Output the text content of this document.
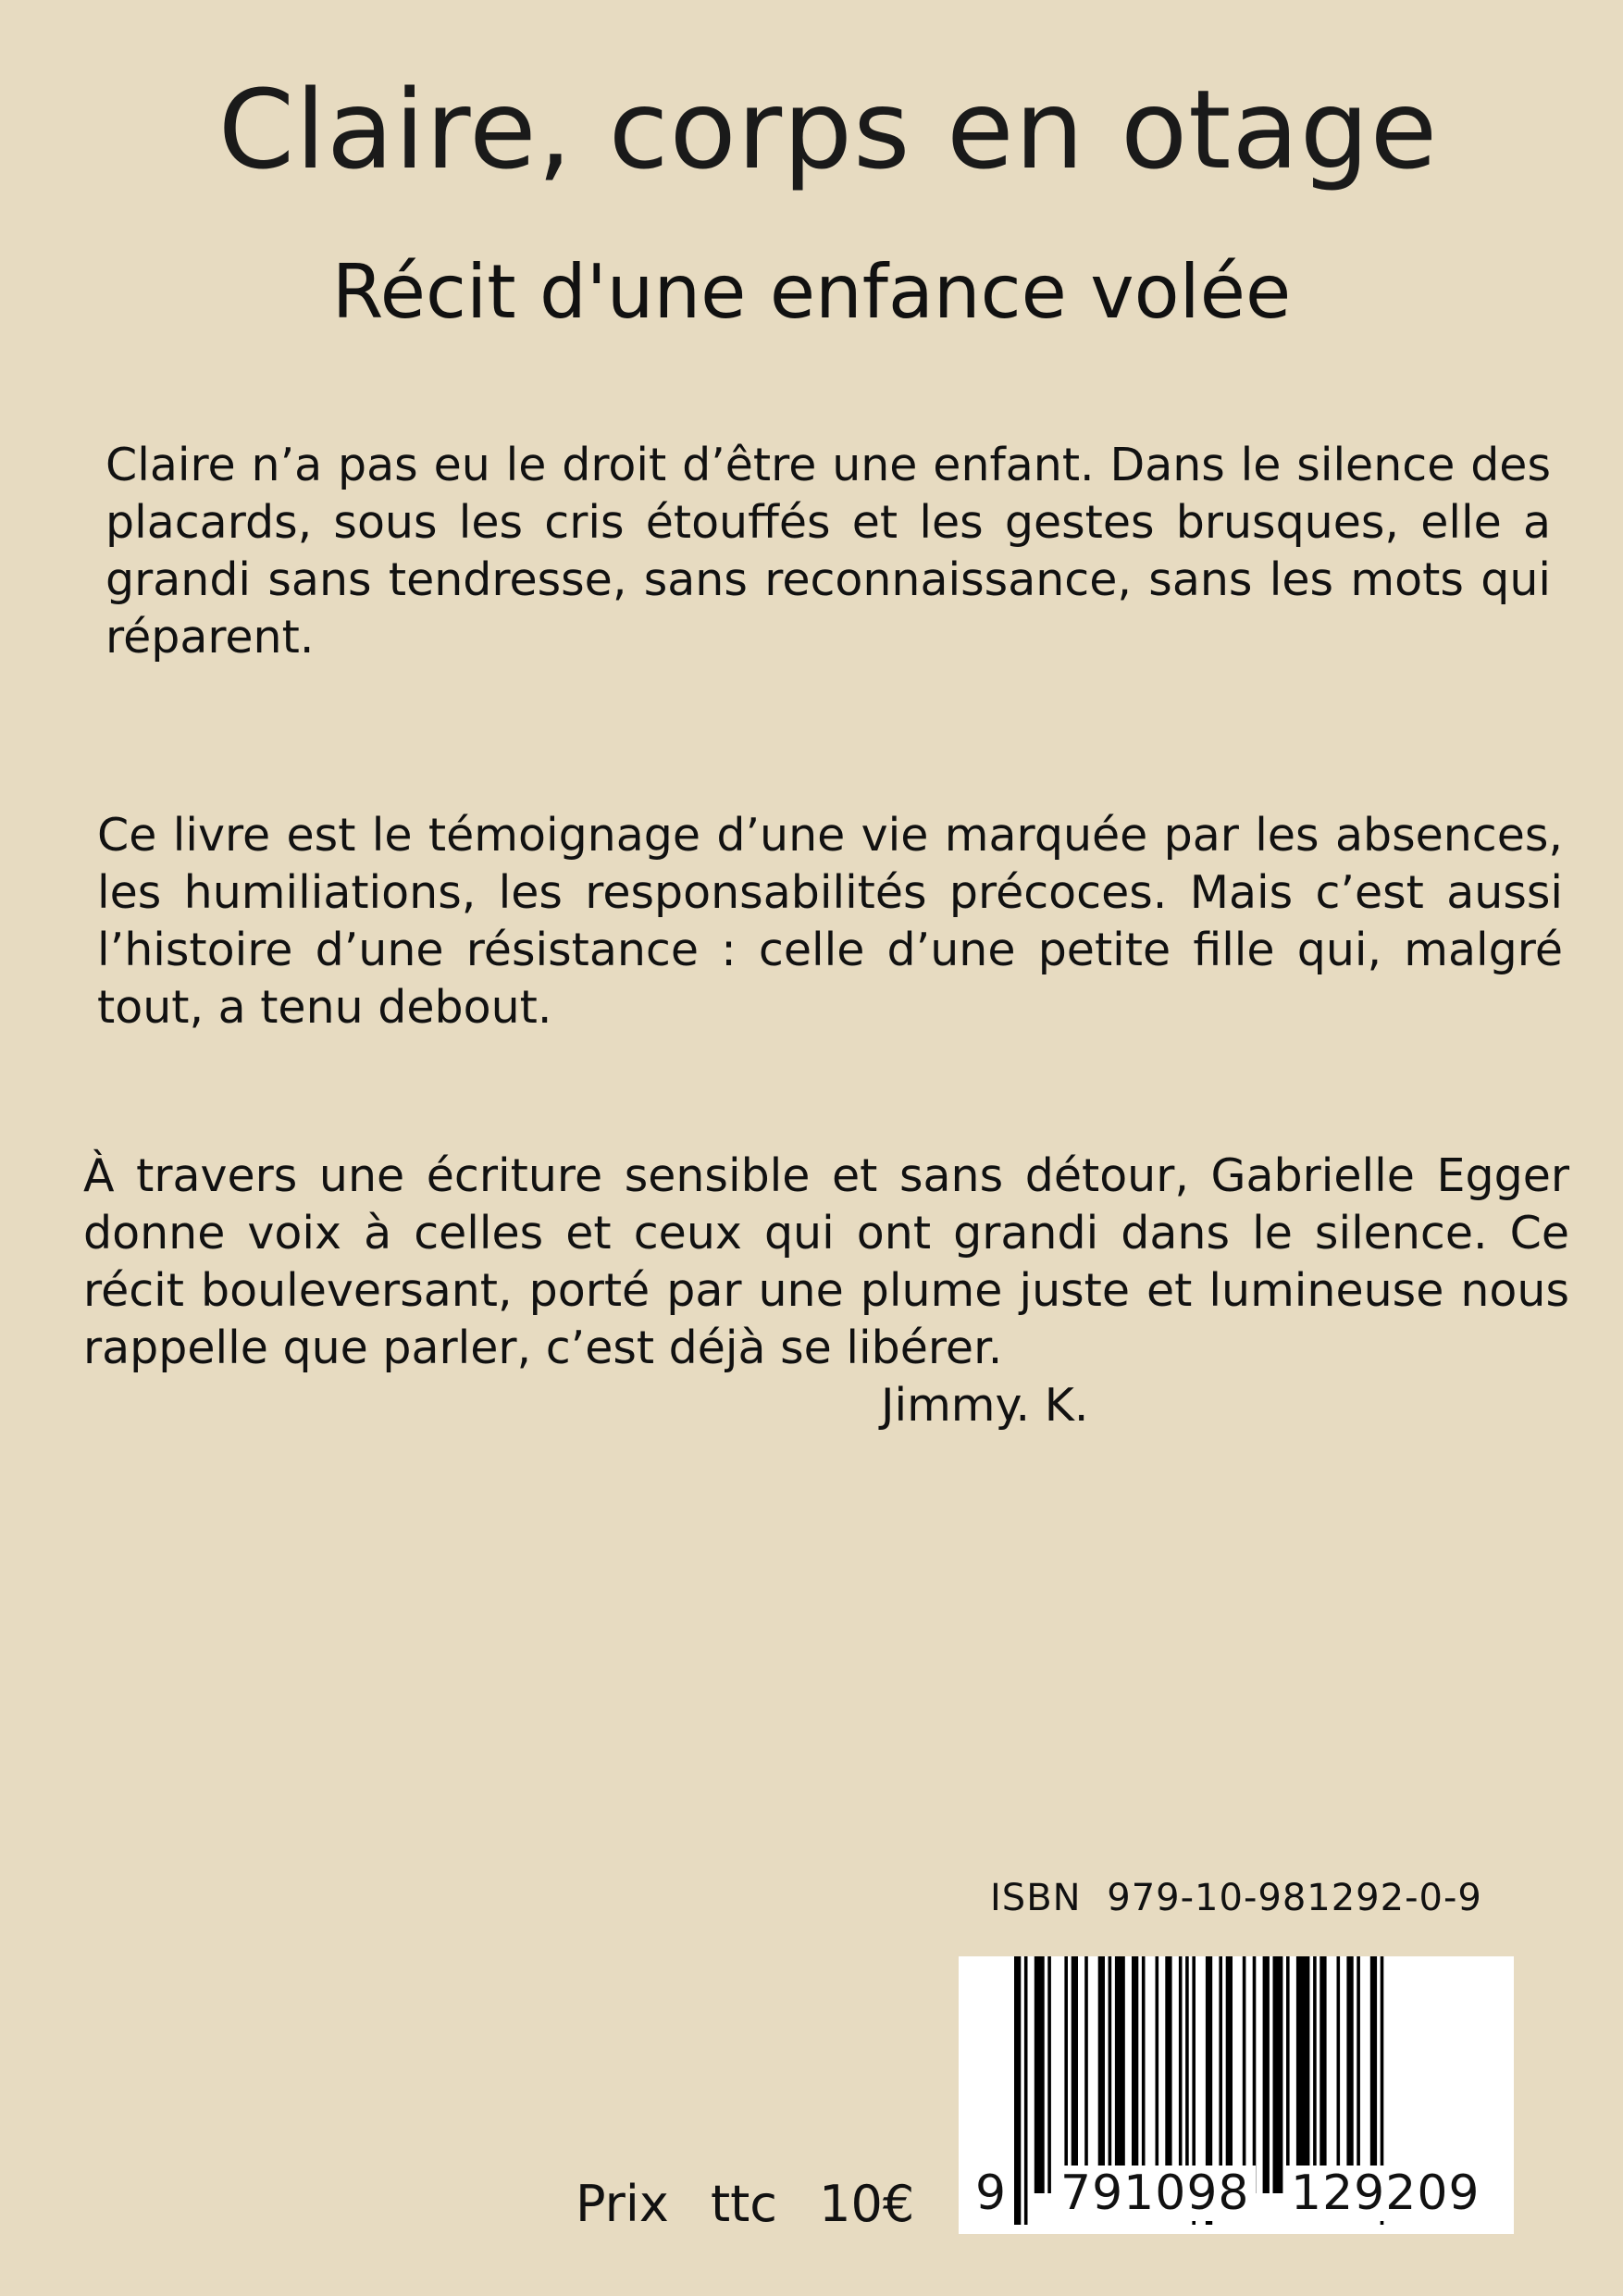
Claire, corps en otage
Récit d'une enfance volée

Claire n’a pas eu le droit d’être une enfant. Dans le silence des placards, sous les cris étouffés et les gestes brusques, elle a grandi sans tendresse, sans reconnaissance, sans les mots qui réparent.

Ce livre est le témoignage d’une vie marquée par les absences, les humiliations, les responsabilités précoces. Mais c’est aussi l’histoire d’une résistance : celle d’une petite fille qui, malgré tout, a tenu debout.

À travers une écriture sensible et sans détour, Gabrielle Egger donne voix à celles et ceux qui ont grandi dans le silence. Ce récit bouleversant, porté par une plume juste et lumineuse nous rappelle que parler, c’est déjà se libérer.

Jimmy. K.
ISBN 979-10-981292-0-9
9 791098 129209
Prix ttc 10€
